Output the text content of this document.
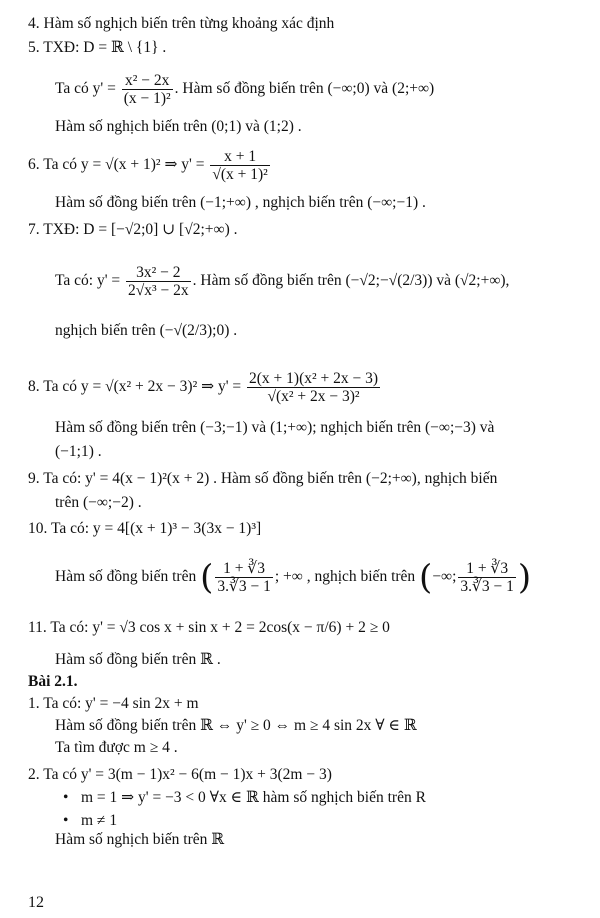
4. Hàm số nghịch biến trên từng khoảng xác định
5. TXĐ: D = ℝ \ {1} .
Ta có $y' = \frac{\text{x² − 2x}}{\text{(x − 1)²}}$ . Hàm số đồng biến trên (−∞;0) và (2;+∞)
Hàm số nghịch biến trên (0;1) và (1;2) .
6. Ta có y = √(x + 1)² ⇒ $y' = \frac{x + 1}{\text{√(x + 1)²}}$
Hàm số đồng biến trên (−1;+∞) , nghịch biến trên (−∞;−1) .
7. TXĐ: D = [−√2;0] ∪ [√2;+∞) .
Ta có: $y' = \frac{\text{3x² − 2}}{\text{2√x³ − 2x}}$ . Hàm số đồng biến trên (−√2;−√(2/3)) và (√2;+∞),
nghịch biến trên (−√(2/3);0) .
8. Ta có y = √(x² + 2x − 3)² ⇒ $y' = \frac{\text{2(x + 1)(x² + 2x − 3)}}{\text{√(x² + 2x − 3)²}}$
Hàm số đồng biến trên (−3;−1) và (1;+∞); nghịch biến trên (−∞;−3) và
(−1;1) .
9. Ta có: y' = 4(x − 1)²(x + 2) . Hàm số đồng biến trên (−2;+∞), nghịch biến
trên (−∞;−2) .
10. Ta có: y = 4[(x + 1)³ − 3(3x − 1)³]
Hàm số đồng biến trên ( $\frac{1 + ∛3}{3.∛3 - 1}$ ; +∞ , nghịch biến trên (−∞; $\frac{1 + ∛3}{3.∛3 - 1}$ )
11. Ta có: y' = √3 cos x + sin x + 2 = 2cos(x − π/6) + 2 ≥ 0
Hàm số đồng biến trên ℝ .
Bài 2.1.
1. Ta có: y' = −4 sin 2x + m
Hàm số đồng biến trên ℝ ⇔ y' ≥ 0 ⇔ m ≥ 4 sin 2x ∀ ∈ ℝ
Ta tìm được m ≥ 4 .
2. Ta có y' = 3(m − 1)x² − 6(m − 1)x + 3(2m − 3)
• m = 1 ⇒ y' = −3 < 0 ∀x ∈ ℝ hàm số nghịch biến trên R
• m ≠ 1
Hàm số nghịch biến trên ℝ
12
